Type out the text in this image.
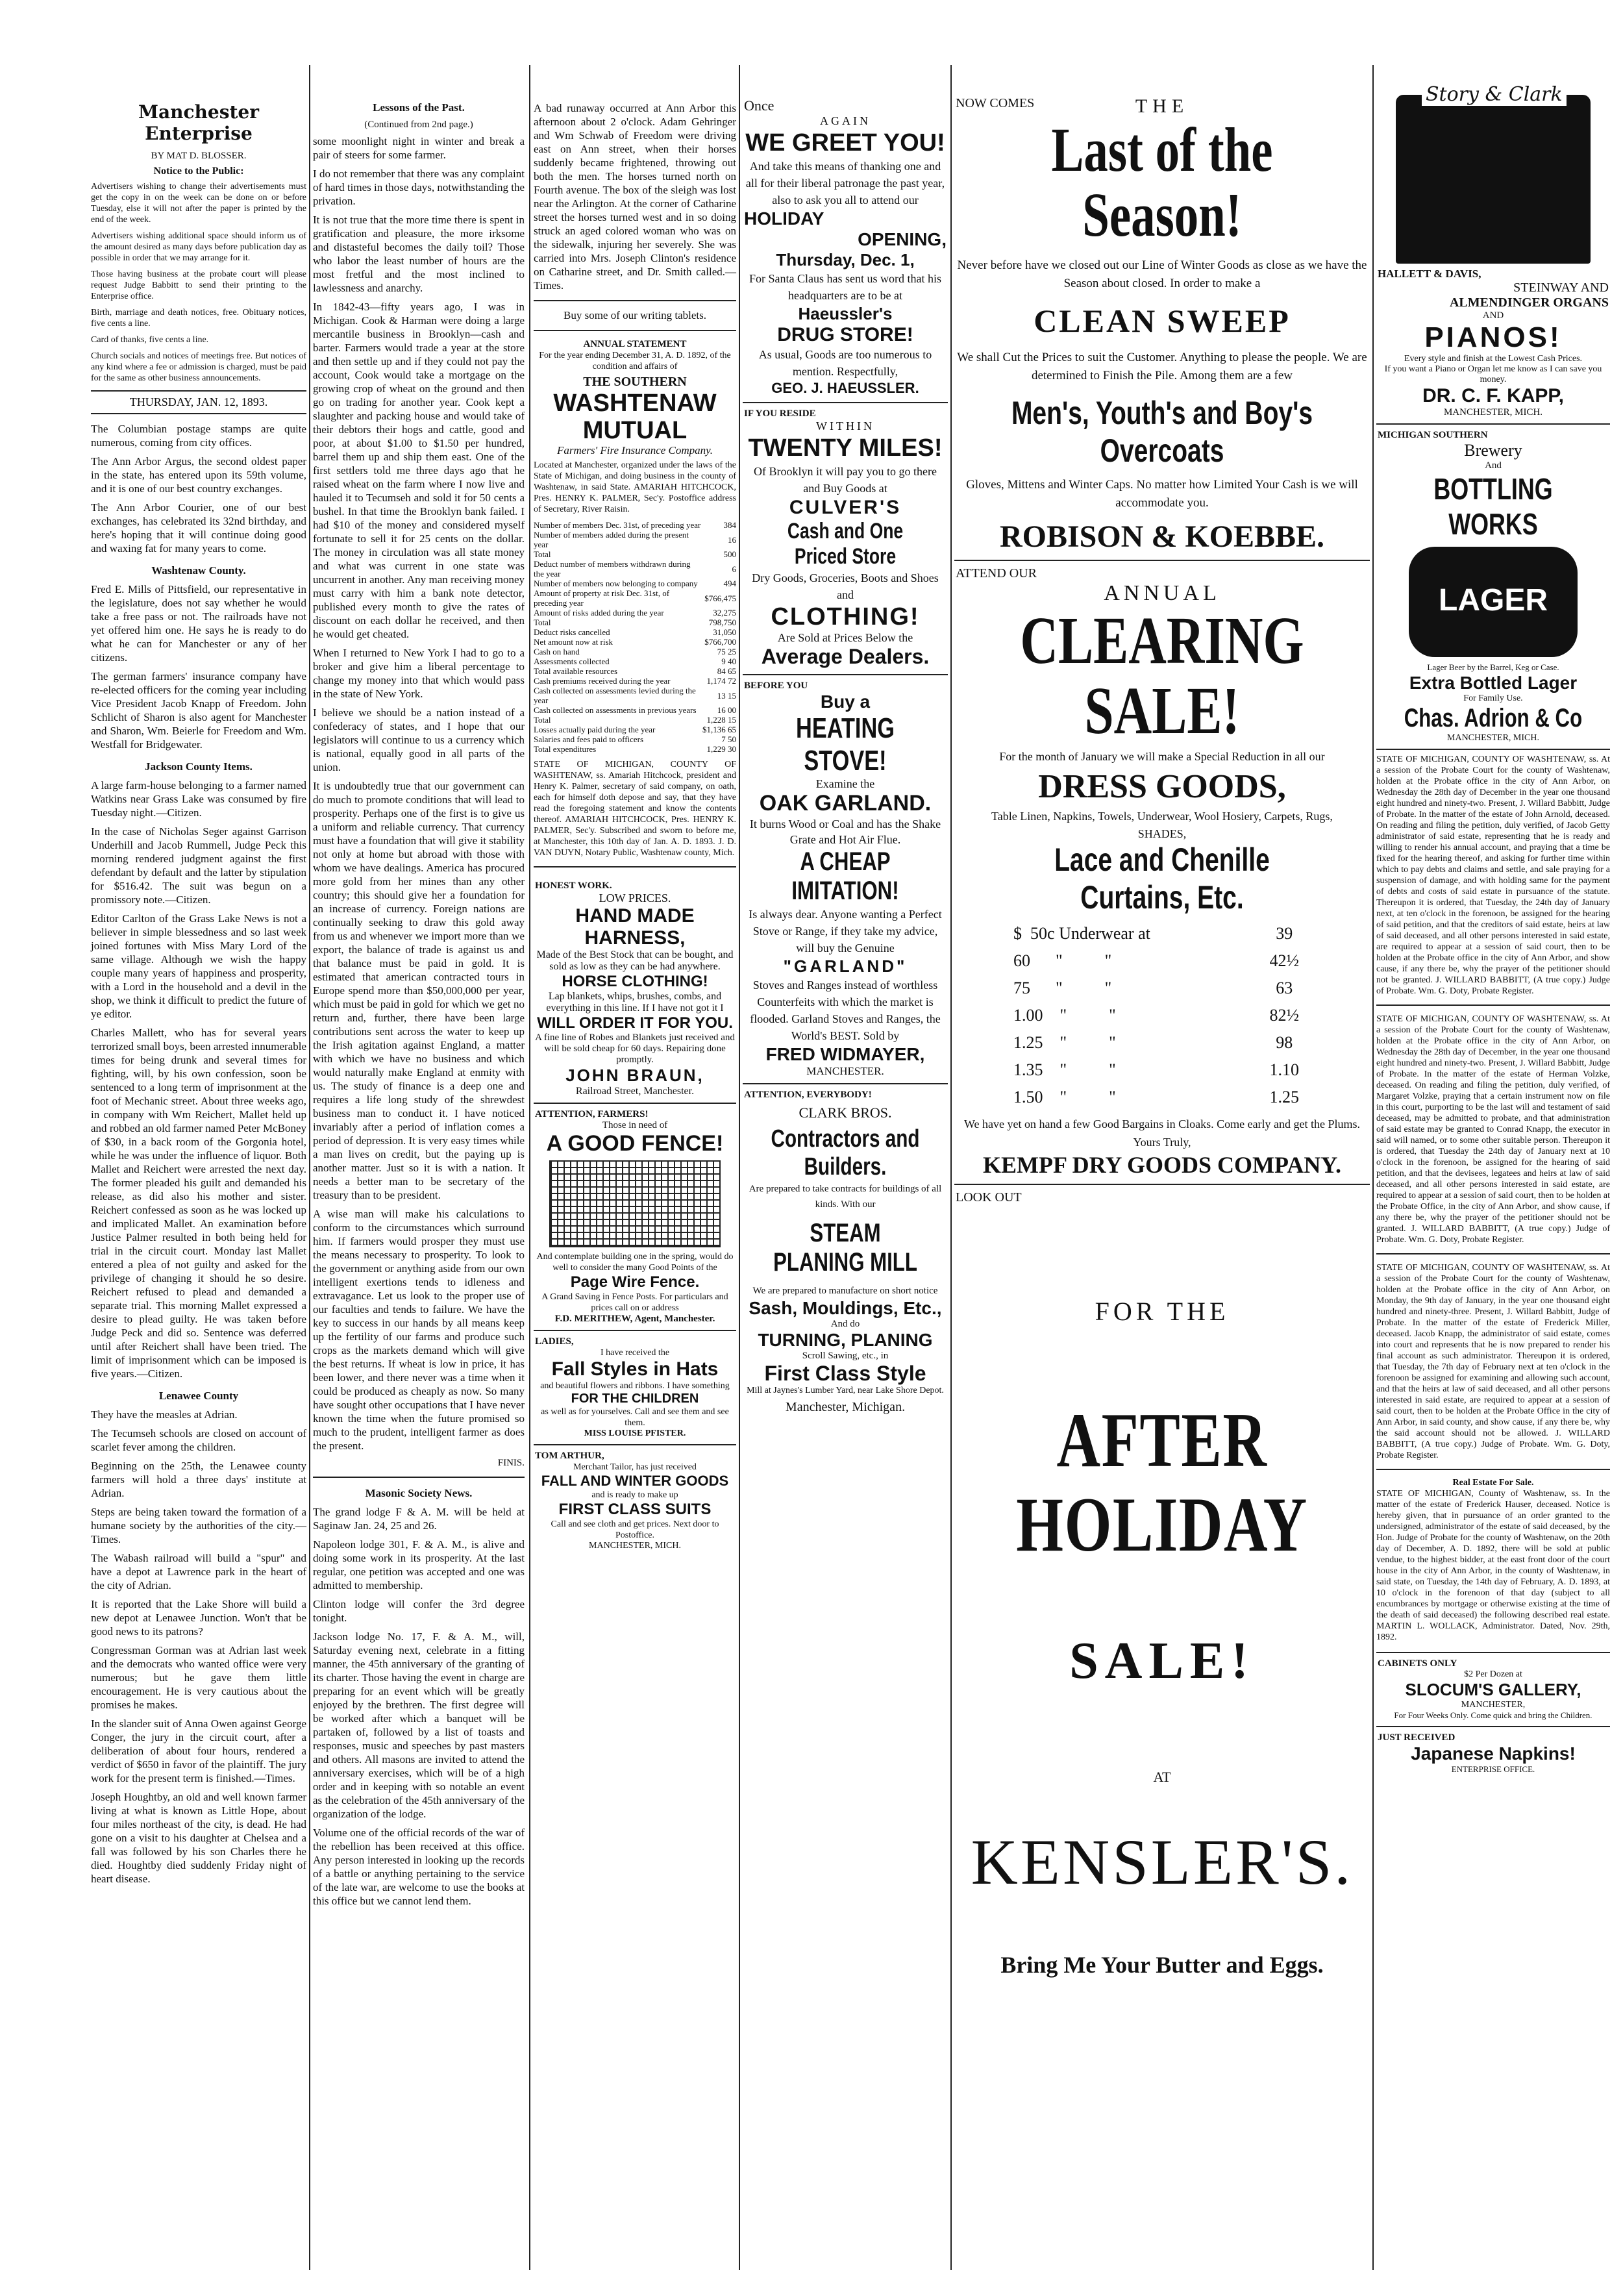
Manchester Enterprise
BY MAT D. BLOSSER.
Notice to the Public:

Advertisers wishing to change their advertisements must get the copy in on the week can be done on or before Tuesday, else it will not after the paper is printed by the end of the week.

Advertisers wishing additional space should inform us of the amount desired as many days before publication day as possible in order that we may arrange for it.

Those having business at the probate court will please request Judge Babbitt to send their printing to the Enterprise office.

Birth, marriage and death notices, free. Obituary notices, five cents a line.

Card of thanks, five cents a line.

Church socials and notices of meetings free. But notices of any kind where a fee or admission is charged, must be paid for the same as other business announcements.

THURSDAY, JAN. 12, 1893.

The Columbian postage stamps are quite numerous, coming from city offices.

The Ann Arbor Argus, the second oldest paper in the state, has entered upon its 59th volume, and it is one of our best country exchanges.

The Ann Arbor Courier, one of our best exchanges, has celebrated its 32nd birthday, and here's hoping that it will continue doing good and waxing fat for many years to come.

Washtenaw County.

Fred E. Mills of Pittsfield, our representative in the legislature, does not say whether he would take a free pass or not. The railroads have not yet offered him one. He says he is ready to do what he can for Manchester or any of her citizens.

The german farmers' insurance company have re-elected officers for the coming year including Vice President Jacob Knapp of Freedom. John Schlicht of Sharon is also agent for Manchester and Sharon, Wm. Beierle for Freedom and Wm. Westfall for Bridgewater.

Jackson County Items.

A large farm-house belonging to a farmer named Watkins near Grass Lake was consumed by fire Tuesday night.—Citizen.

In the case of Nicholas Seger against Garrison Underhill and Jacob Rummell, Judge Peck this morning rendered judgment against the first defendant by default and the latter by stipulation for $516.42. The suit was begun on a promissory note.—Citizen.

Editor Carlton of the Grass Lake News is not a believer in simple blessedness and so last week joined fortunes with Miss Mary Lord of the same village. Although we wish the happy couple many years of happiness and prosperity, with a Lord in the household and a devil in the shop, we think it difficult to predict the future of ye editor.

Charles Mallett, who has for several years terrorized small boys, been arrested innumerable times for being drunk and several times for fighting, will, by his own confession, soon be sentenced to a long term of imprisonment at the foot of Mechanic street. About three weeks ago, in company with Wm Reichert, Mallet held up and robbed an old farmer named Peter McBoney of $30, in a back room of the Gorgonia hotel, while he was under the influence of liquor. Both Mallet and Reichert were arrested the next day. The former pleaded his guilt and demanded his release, as did also his mother and sister. Reichert confessed as soon as he was locked up and implicated Mallet. An examination before Justice Palmer resulted in both being held for trial in the circuit court. Monday last Mallet entered a plea of not guilty and asked for the privilege of changing it should he so desire. Reichert refused to plead and demanded a separate trial. This morning Mallet expressed a desire to plead guilty. He was taken before Judge Peck and did so. Sentence was deferred until after Reichert shall have been tried. The limit of imprisonment which can be imposed is five years.—Citizen.

Lenawee County

They have the measles at Adrian.

The Tecumseh schools are closed on account of scarlet fever among the children.

Beginning on the 25th, the Lenawee county farmers will hold a three days' institute at Adrian.

Steps are being taken toward the formation of a humane society by the authorities of the city.—Times.

The Wabash railroad will build a "spur" and have a depot at Lawrence park in the heart of the city of Adrian.

It is reported that the Lake Shore will build a new depot at Lenawee Junction. Won't that be good news to its patrons?

Congressman Gorman was at Adrian last week and the democrats who wanted office were very numerous; but he gave them little encouragement. He is very cautious about the promises he makes.

In the slander suit of Anna Owen against George Conger, the jury in the circuit court, after a deliberation of about four hours, rendered a verdict of $650 in favor of the plaintiff. The jury work for the present term is finished.—Times.

Joseph Houghtby, an old and well known farmer living at what is known as Little Hope, about four miles northeast of the city, is dead. He had gone on a visit to his daughter at Chelsea and a fall was followed by his son Charles there he died. Houghtby died suddenly Friday night of heart disease.

Lessons of the Past.
(Continued from 2nd page.)

some moonlight night in winter and break a pair of steers for some farmer.

I do not remember that there was any complaint of hard times in those days, notwithstanding the privation.

It is not true that the more time there is spent in gratification and pleasure, the more irksome and distasteful becomes the daily toil? Those who labor the least number of hours are the most fretful and the most inclined to lawlessness and anarchy.

In 1842-43—fifty years ago, I was in Michigan. Cook & Harman were doing a large mercantile business in Brooklyn—cash and barter. Farmers would trade a year at the store and then settle up and if they could not pay the account, Cook would take a mortgage on the growing crop of wheat on the ground and then go on trading for another year. Cook kept a slaughter and packing house and would take of their debtors their hogs and cattle, good and poor, at about $1.00 to $1.50 per hundred, barrel them up and ship them east. One of the first settlers told me three days ago that he raised wheat on the farm where I now live and hauled it to Tecumseh and sold it for 50 cents a bushel. In that time the Brooklyn bank failed. I had $10 of the money and considered myself fortunate to sell it for 25 cents on the dollar. The money in circulation was all state money and what was current in one state was uncurrent in another. Any man receiving money must carry with him a bank note detector, published every month to give the rates of discount on each dollar he received, and then he would get cheated.

When I returned to New York I had to go to a broker and give him a liberal percentage to change my money into that which would pass in the state of New York.

I believe we should be a nation instead of a confederacy of states, and I hope that our legislators will continue to us a currency which is national, equally good in all parts of the union.

It is undoubtedly true that our government can do much to promote conditions that will lead to prosperity. Perhaps one of the first is to give us a uniform and reliable currency. That currency must have a foundation that will give it stability not only at home but abroad with those with whom we have dealings. America has procured more gold from her mines than any other country; this should give her a foundation for an increase of currency. Foreign nations are continually seeking to draw this gold away from us and whenever we import more than we export, the balance of trade is against us and that balance must be paid in gold. It is estimated that american contracted tours in Europe spend more than $50,000,000 per year, which must be paid in gold for which we get no return and, further, there have been large contributions sent across the water to keep up the Irish agitation against England, a matter with which we have no business and which would naturally make England at enmity with us. The study of finance is a deep one and requires a life long study of the shrewdest business man to conduct it. I have noticed invariably after a period of inflation comes a period of depression. It is very easy times while a man lives on credit, but the paying up is another matter. Just so it is with a nation. It needs a better man to be secretary of the treasury than to be president.

A wise man will make his calculations to conform to the circumstances which surround him. If farmers would prosper they must use the means necessary to prosperity. To look to the government or anything aside from our own intelligent exertions tends to idleness and extravagance. Let us look to the proper use of our faculties and tends to failure. We have the key to success in our hands by all means keep up the fertility of our farms and produce such crops as the markets demand which will give the best returns. If wheat is low in price, it has been lower, and there never was a time when it could be produced as cheaply as now. So many have sought other occupations that I have never known the time when the future promised so much to the prudent, intelligent farmer as does the present.

FINIS.
Masonic Society News.

The grand lodge F & A. M. will be held at Saginaw Jan. 24, 25 and 26.

Napoleon lodge 301, F. & A. M., is alive and doing some work in its prosperity. At the last regular, one petition was accepted and one was admitted to membership.

Clinton lodge will confer the 3rd degree tonight.

Jackson lodge No. 17, F. & A. M., will, Saturday evening next, celebrate in a fitting manner, the 45th anniversary of the granting of its charter. Those having the event in charge are preparing for an event which will be greatly enjoyed by the brethren. The first degree will be worked after which a banquet will be partaken of, followed by a list of toasts and responses, music and speeches by past masters and others. All masons are invited to attend the anniversary exercises, which will be of a high order and in keeping with so notable an event as the celebration of the 45th anniversary of the organization of the lodge.

Volume one of the official records of the war of the rebellion has been received at this office. Any person interested in looking up the records of a battle or anything pertaining to the service of the late war, are welcome to use the books at this office but we cannot lend them.

A bad runaway occurred at Ann Arbor this afternoon about 2 o'clock. Adam Gehringer and Wm Schwab of Freedom were driving east on Ann street, when their horses suddenly became frightened, throwing out both the men. The horses turned north on Fourth avenue. The box of the sleigh was lost near the Arlington. At the corner of Catharine street the horses turned west and in so doing struck an aged colored woman who was on the sidewalk, injuring her severely. She was carried into Mrs. Joseph Clinton's residence on Catharine street, and Dr. Smith called.—Times.

Buy some of our writing tablets.
ANNUAL STATEMENT
For the year ending December 31, A. D. 1892, of the condition and affairs of
THE SOUTHERN
WASHTENAW MUTUAL
Farmers' Fire Insurance Company.

Located at Manchester, organized under the laws of the State of Michigan, and doing business in the county of Washtenaw, in said State. AMARIAH HITCHCOCK, Pres. HENRY K. PALMER, Sec'y. Postoffice address of Secretary, River Raisin.

Number of members Dec. 31st, of preceding year	384
Number of members added during the present year	16
Total	500
Deduct number of members withdrawn during the year	6
Number of members now belonging to company	494
Amount of property at risk Dec. 31st, of preceding year	$766,475
Amount of risks added during the year	32,275
Total	798,750
Deduct risks cancelled	31,050
Net amount now at risk	$766,700
Cash on hand	75 25
Assessments collected	9 40
Total available resources	84 65
Cash premiums received during the year	1,174 72
Cash collected on assessments levied during the year	13 15
Cash collected on assessments in previous years	16 00
Total	1,228 15
Losses actually paid during the year	$1,136 65
Salaries and fees paid to officers	7 50
Total expenditures	1,229 30

STATE OF MICHIGAN, COUNTY OF WASHTENAW, ss. Amariah Hitchcock, president and Henry K. Palmer, secretary of said company, on oath, each for himself doth depose and say, that they have read the foregoing statement and know the contents thereof. AMARIAH HITCHCOCK, Pres. HENRY K. PALMER, Sec'y. Subscribed and sworn to before me, at Manchester, this 10th day of Jan. A. D. 1893. J. D. VAN DUYN, Notary Public, Washtenaw county, Mich.

HONEST WORK.
LOW PRICES.
HAND MADE HARNESS,
Made of the Best Stock that can be bought, and sold as low as they can be had anywhere.
HORSE CLOTHING!
Lap blankets, whips, brushes, combs, and everything in this line. If I have not got it I
WILL ORDER IT FOR YOU.
A fine line of Robes and Blankets just received and will be sold cheap for 60 days. Repairing done promptly.
JOHN BRAUN,
Railroad Street, Manchester.
ATTENTION, FARMERS!
Those in need of
A GOOD FENCE!
And contemplate building one in the spring, would do well to consider the many Good Points of the
Page Wire Fence.
A Grand Saving in Fence Posts. For particulars and prices call on or address
F.D. MERITHEW, Agent, Manchester.
LADIES,
I have received the
Fall Styles in Hats
and beautiful flowers and ribbons. I have something
FOR THE CHILDREN
as well as for yourselves. Call and see them and see them.
MISS LOUISE PFISTER.
TOM ARTHUR,
Merchant Tailor, has just received
FALL AND WINTER GOODS
and is ready to make up
FIRST CLASS SUITS
Call and see cloth and get prices. Next door to Postoffice.
MANCHESTER, MICH.
Once
AGAIN
WE GREET YOU!
And take this means of thanking one and all for their liberal patronage the past year, also to ask you all to attend our
HOLIDAY
OPENING,
Thursday, Dec. 1,
For Santa Claus has sent us word that his headquarters are to be at
Haeussler's
DRUG STORE!
As usual, Goods are too numerous to mention. Respectfully,
GEO. J. HAEUSSLER.
IF YOU RESIDE
WITHIN
TWENTY MILES!
Of Brooklyn it will pay you to go there and Buy Goods at
CULVER'S
Cash and One Priced Store
Dry Goods, Groceries, Boots and Shoes and
CLOTHING!
Are Sold at Prices Below the
Average Dealers.
BEFORE YOU
Buy a
HEATING STOVE!
Examine the
OAK GARLAND.
It burns Wood or Coal and has the Shake Grate and Hot Air Flue.
A CHEAP IMITATION!
Is always dear. Anyone wanting a Perfect Stove or Range, if they take my advice, will buy the Genuine
"GARLAND"
Stoves and Ranges instead of worthless Counterfeits with which the market is flooded. Garland Stoves and Ranges, the World's BEST. Sold by
FRED WIDMAYER,
MANCHESTER.
ATTENTION, EVERYBODY!
CLARK BROS.
Contractors and Builders.
Are prepared to take contracts for buildings of all kinds. With our
STEAM PLANING MILL
We are prepared to manufacture on short notice
Sash, Mouldings, Etc.,
And do
TURNING, PLANING
Scroll Sawing, etc., in
First Class Style
Mill at Jaynes's Lumber Yard, near Lake Shore Depot.
Manchester, Michigan.
NOW COMES	THE
Last of the Season!
Never before have we closed out our Line of Winter Goods as close as we have the Season about closed. In order to make a
CLEAN SWEEP
We shall Cut the Prices to suit the Customer. Anything to please the people. We are determined to Finish the Pile. Among them are a few
Men's, Youth's and Boy's Overcoats
Gloves, Mittens and Winter Caps. No matter how Limited Your Cash is we will accommodate you.
ROBISON & KOEBBE.
ATTEND OUR
ANNUAL
CLEARING SALE!
For the month of January we will make a Special Reduction in all our
DRESS GOODS,
Table Linen, Napkins, Towels, Underwear, Wool Hosiery, Carpets, Rugs,
SHADES,
Lace and Chenille Curtains, Etc.
$  50c Underwear at	39
60      "          "	42½
75      "          "	63
1.00    "          "	82½
1.25    "          "	98
1.35    "          "	1.10
1.50    "          "	1.25
We have yet on hand a few Good Bargains in Cloaks. Come early and get the Plums. Yours Truly,
KEMPF DRY GOODS COMPANY.
LOOK OUT
FOR THE
AFTER HOLIDAY
SALE!
AT
KENSLER'S.
Bring Me Your Butter and Eggs.
Story & Clark
HALLETT & DAVIS,
STEINWAY AND
ALMENDINGER ORGANS
AND
PIANOS!
Every style and finish at the Lowest Cash Prices.
If you want a Piano or Organ let me know as I can save you money.
DR. C. F. KAPP,
MANCHESTER, MICH.
MICHIGAN SOUTHERN
Brewery
And
BOTTLING WORKS
LAGER
Lager Beer by the Barrel, Keg or Case.
Extra Bottled Lager
For Family Use.
Chas. Adrion & Co
MANCHESTER, MICH.

STATE OF MICHIGAN, COUNTY OF WASHTENAW, ss. At a session of the Probate Court for the county of Washtenaw, holden at the Probate office in the city of Ann Arbor, on Wednesday the 28th day of December in the year one thousand eight hundred and ninety-two. Present, J. Willard Babbitt, Judge of Probate. In the matter of the estate of John Arnold, deceased. On reading and filing the petition, duly verified, of Jacob Getty administrator of said estate, representing that he is ready and willing to render his annual account, and praying that a time be fixed for the hearing thereof, and asking for further time within which to pay debts and claims and settle, and sale praying for a suspension of damage, and with holding same for the payment of debts and costs of said estate in pursuance of the statute. Thereupon it is ordered, that Tuesday, the 24th day of January next, at ten o'clock in the forenoon, be assigned for the hearing of said petition, and that the creditors of said estate, heirs at law of said deceased, and all other persons interested in said estate, are required to appear at a session of said court, then to be holden at the Probate office in the city of Ann Arbor, and show cause, if any there be, why the prayer of the petitioner should not be granted. J. WILLARD BABBITT, (A true copy.) Judge of Probate. Wm. G. Doty, Probate Register.

STATE OF MICHIGAN, COUNTY OF WASHTENAW, ss. At a session of the Probate Court for the county of Washtenaw, holden at the Probate office in the city of Ann Arbor, on Wednesday the 28th day of December, in the year one thousand eight hundred and ninety-two. Present, J. Willard Babbitt, Judge of Probate. In the matter of the estate of Herman Volzke, deceased. On reading and filing the petition, duly verified, of Margaret Volzke, praying that a certain instrument now on file in this court, purporting to be the last will and testament of said deceased, may be admitted to probate, and that administration of said estate may be granted to Conrad Knapp, the executor in said will named, or to some other suitable person. Thereupon it is ordered, that Tuesday the 24th day of January next at 10 o'clock in the forenoon, be assigned for the hearing of said petition, and that the devisees, legatees and heirs at law of said deceased, and all other persons interested in said estate, are required to appear at a session of said court, then to be holden at the Probate Office, in the city of Ann Arbor, and show cause, if any there be, why the prayer of the petitioner should not be granted. J. WILLARD BABBITT, (A true copy.) Judge of Probate. Wm. G. Doty, Probate Register.

STATE OF MICHIGAN, COUNTY OF WASHTENAW, ss. At a session of the Probate Court for the county of Washtenaw, holden at the Probate office in the city of Ann Arbor, on Monday, the 9th day of January, in the year one thousand eight hundred and ninety-three. Present, J. Willard Babbitt, Judge of Probate. In the matter of the estate of Frederick Miller, deceased. Jacob Knapp, the administrator of said estate, comes into court and represents that he is now prepared to render his final account as such administrator. Thereupon it is ordered, that Tuesday, the 7th day of February next at ten o'clock in the forenoon be assigned for examining and allowing such account, and that the heirs at law of said deceased, and all other persons interested in said estate, are required to appear at a session of said court, then to be holden at the Probate Office in the city of Ann Arbor, in said county, and show cause, if any there be, why the said account should not be allowed. J. WILLARD BABBITT, (A true copy.) Judge of Probate. Wm. G. Doty, Probate Register.

Real Estate For Sale.

STATE OF MICHIGAN, County of Washtenaw, ss. In the matter of the estate of Frederick Hauser, deceased. Notice is hereby given, that in pursuance of an order granted to the undersigned, administrator of the estate of said deceased, by the Hon. Judge of Probate for the county of Washtenaw, on the 20th day of December, A. D. 1892, there will be sold at public vendue, to the highest bidder, at the east front door of the court house in the city of Ann Arbor, in the county of Washtenaw, in said state, on Tuesday, the 14th day of February, A. D. 1893, at 10 o'clock in the forenoon of that day (subject to all encumbrances by mortgage or otherwise existing at the time of the death of said deceased) the following described real estate. MARTIN L. WOLLACK, Administrator. Dated, Nov. 29th, 1892.

CABINETS ONLY
$2 Per Dozen at
SLOCUM'S GALLERY,
MANCHESTER,
For Four Weeks Only. Come quick and bring the Children.
JUST RECEIVED
Japanese Napkins!
ENTERPRISE OFFICE.
